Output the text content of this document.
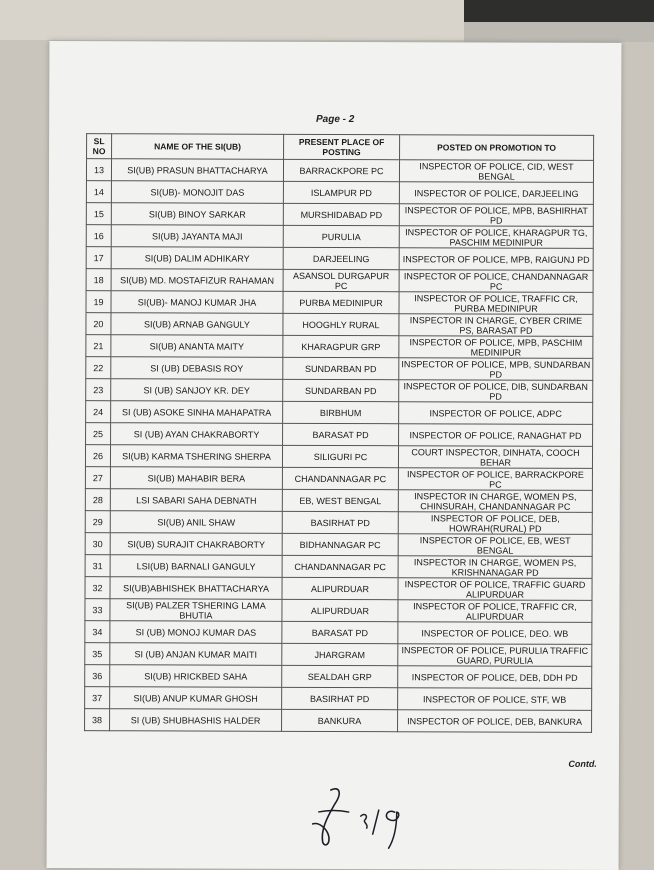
Page - 2
SL NO	NAME OF THE SI(UB)	PRESENT PLACE OF POSTING	POSTED ON PROMOTION TO
13	SI(UB) PRASUN BHATTACHARYA	BARRACKPORE PC	INSPECTOR OF POLICE, CID, WEST BENGAL
14	SI(UB)- MONOJIT DAS	ISLAMPUR PD	INSPECTOR OF POLICE, DARJEELING
15	SI(UB) BINOY SARKAR	MURSHIDABAD PD	INSPECTOR OF POLICE, MPB, BASHIRHAT PD
16	SI(UB) JAYANTA MAJI	PURULIA	INSPECTOR OF POLICE, KHARAGPUR TG, PASCHIM MEDINIPUR
17	SI(UB) DALIM ADHIKARY	DARJEELING	INSPECTOR OF POLICE, MPB, RAIGUNJ PD
18	SI(UB) MD. MOSTAFIZUR RAHAMAN	ASANSOL DURGAPUR PC	INSPECTOR OF POLICE, CHANDANNAGAR PC
19	SI(UB)- MANOJ KUMAR JHA	PURBA MEDINIPUR	INSPECTOR OF POLICE, TRAFFIC CR, PURBA MEDINIPUR
20	SI(UB) ARNAB GANGULY	HOOGHLY RURAL	INSPECTOR IN CHARGE, CYBER CRIME PS, BARASAT PD
21	SI(UB) ANANTA MAITY	KHARAGPUR GRP	INSPECTOR OF POLICE, MPB, PASCHIM MEDINIPUR
22	SI (UB) DEBASIS ROY	SUNDARBAN PD	INSPECTOR OF POLICE, MPB, SUNDARBAN PD
23	SI (UB) SANJOY KR. DEY	SUNDARBAN PD	INSPECTOR OF POLICE, DIB, SUNDARBAN PD
24	SI (UB) ASOKE SINHA MAHAPATRA	BIRBHUM	INSPECTOR OF POLICE, ADPC
25	SI (UB) AYAN CHAKRABORTY	BARASAT PD	INSPECTOR OF POLICE, RANAGHAT PD
26	SI(UB) KARMA TSHERING SHERPA	SILIGURI PC	COURT INSPECTOR, DINHATA, COOCH BEHAR
27	SI(UB) MAHABIR BERA	CHANDANNAGAR PC	INSPECTOR OF POLICE, BARRACKPORE PC
28	LSI SABARI SAHA DEBNATH	EB, WEST BENGAL	INSPECTOR IN CHARGE, WOMEN PS, CHINSURAH, CHANDANNAGAR PC
29	SI(UB) ANIL SHAW	BASIRHAT PD	INSPECTOR OF POLICE, DEB, HOWRAH(RURAL) PD
30	SI(UB) SURAJIT CHAKRABORTY	BIDHANNAGAR PC	INSPECTOR OF POLICE, EB, WEST BENGAL
31	LSI(UB) BARNALI GANGULY	CHANDANNAGAR PC	INSPECTOR IN CHARGE, WOMEN PS, KRISHNANAGAR PD
32	SI(UB)ABHISHEK BHATTACHARYA	ALIPURDUAR	INSPECTOR OF POLICE, TRAFFIC GUARD ALIPURDUAR
33	SI(UB) PALZER TSHERING LAMA BHUTIA	ALIPURDUAR	INSPECTOR OF POLICE, TRAFFIC CR, ALIPURDUAR
34	SI (UB) MONOJ KUMAR DAS	BARASAT PD	INSPECTOR OF POLICE, DEO. WB
35	SI (UB) ANJAN KUMAR MAITI	JHARGRAM	INSPECTOR OF POLICE, PURULIA TRAFFIC GUARD, PURULIA
36	SI(UB) HRICKBED SAHA	SEALDAH GRP	INSPECTOR OF POLICE, DEB, DDH PD
37	SI(UB) ANUP KUMAR GHOSH	BASIRHAT PD	INSPECTOR OF POLICE, STF, WB
38	SI (UB) SHUBHASHIS HALDER	BANKURA	INSPECTOR OF POLICE, DEB, BANKURA
Contd.
